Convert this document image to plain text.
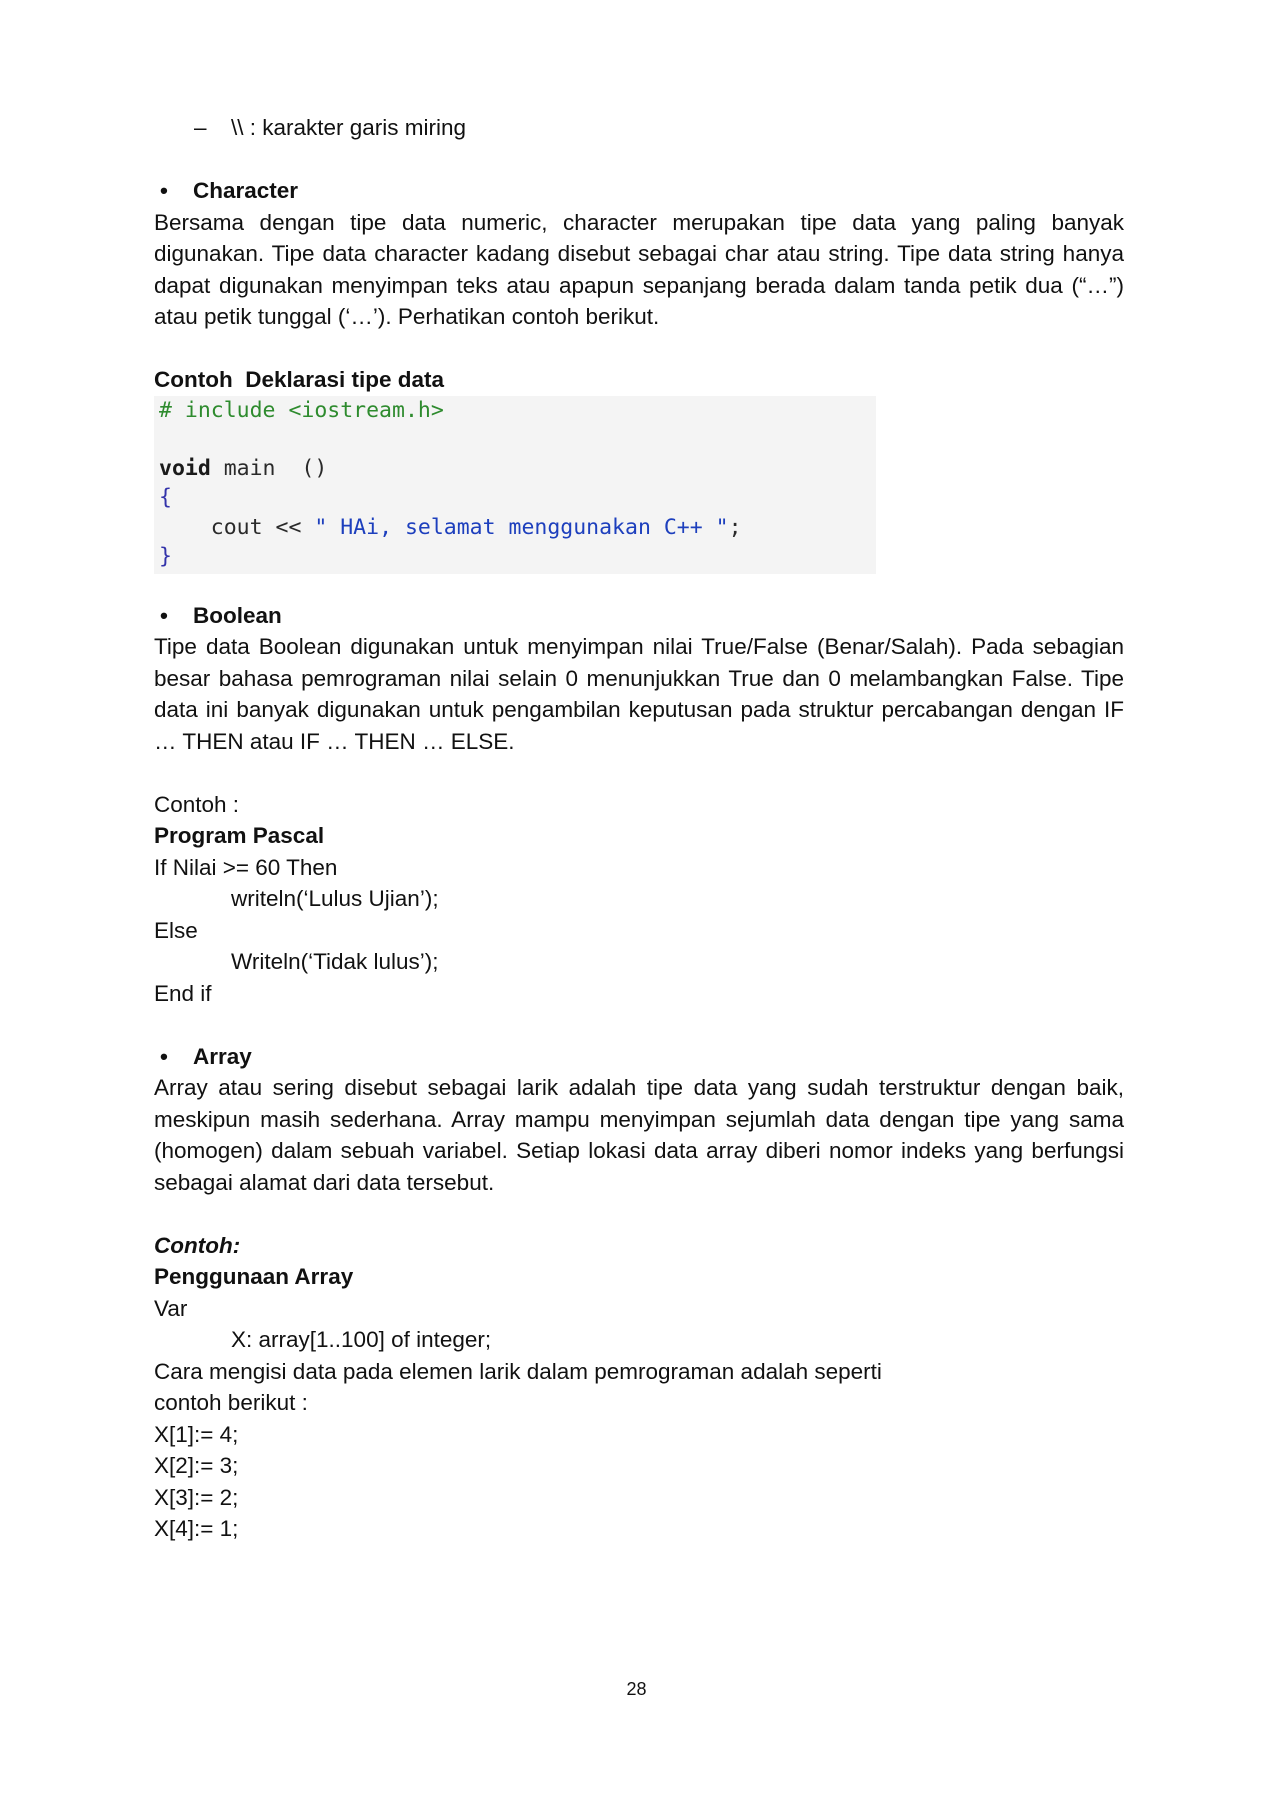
– \\ : karakter garis miring

• Character

Bersama dengan tipe data numeric, character merupakan tipe data yang paling banyak digunakan. Tipe data character kadang disebut sebagai char atau string. Tipe data string hanya dapat digunakan menyimpan teks atau apapun sepanjang berada dalam tanda petik dua (“…”) atau petik tunggal (‘…’). Perhatikan contoh berikut.

Contoh  Deklarasi tipe data

# include <iostream.h>
void main  ()
{
cout << " HAi, selamat menggunakan C++ ";
}

• Boolean

Tipe data Boolean digunakan untuk menyimpan nilai True/False (Benar/Salah). Pada sebagian besar bahasa pemrograman nilai selain 0 menunjukkan True dan 0 melambangkan False. Tipe data ini banyak digunakan untuk pengambilan keputusan pada struktur percabangan dengan IF … THEN atau IF … THEN … ELSE.

Contoh :

Program Pascal

If Nilai >= 60 Then

writeln(‘Lulus Ujian’);

Else

Writeln(‘Tidak lulus’);

End if

• Array

Array atau sering disebut sebagai larik adalah tipe data yang sudah terstruktur dengan baik, meskipun masih sederhana. Array mampu menyimpan sejumlah data dengan tipe yang sama (homogen) dalam sebuah variabel. Setiap lokasi data array diberi nomor indeks yang berfungsi sebagai alamat dari data tersebut.

Contoh:

Penggunaan Array

Var

X: array[1..100] of integer;

Cara mengisi data pada elemen larik dalam pemrograman adalah seperti

contoh berikut :

X[1]:= 4;

X[2]:= 3;

X[3]:= 2;

X[4]:= 1;

28
